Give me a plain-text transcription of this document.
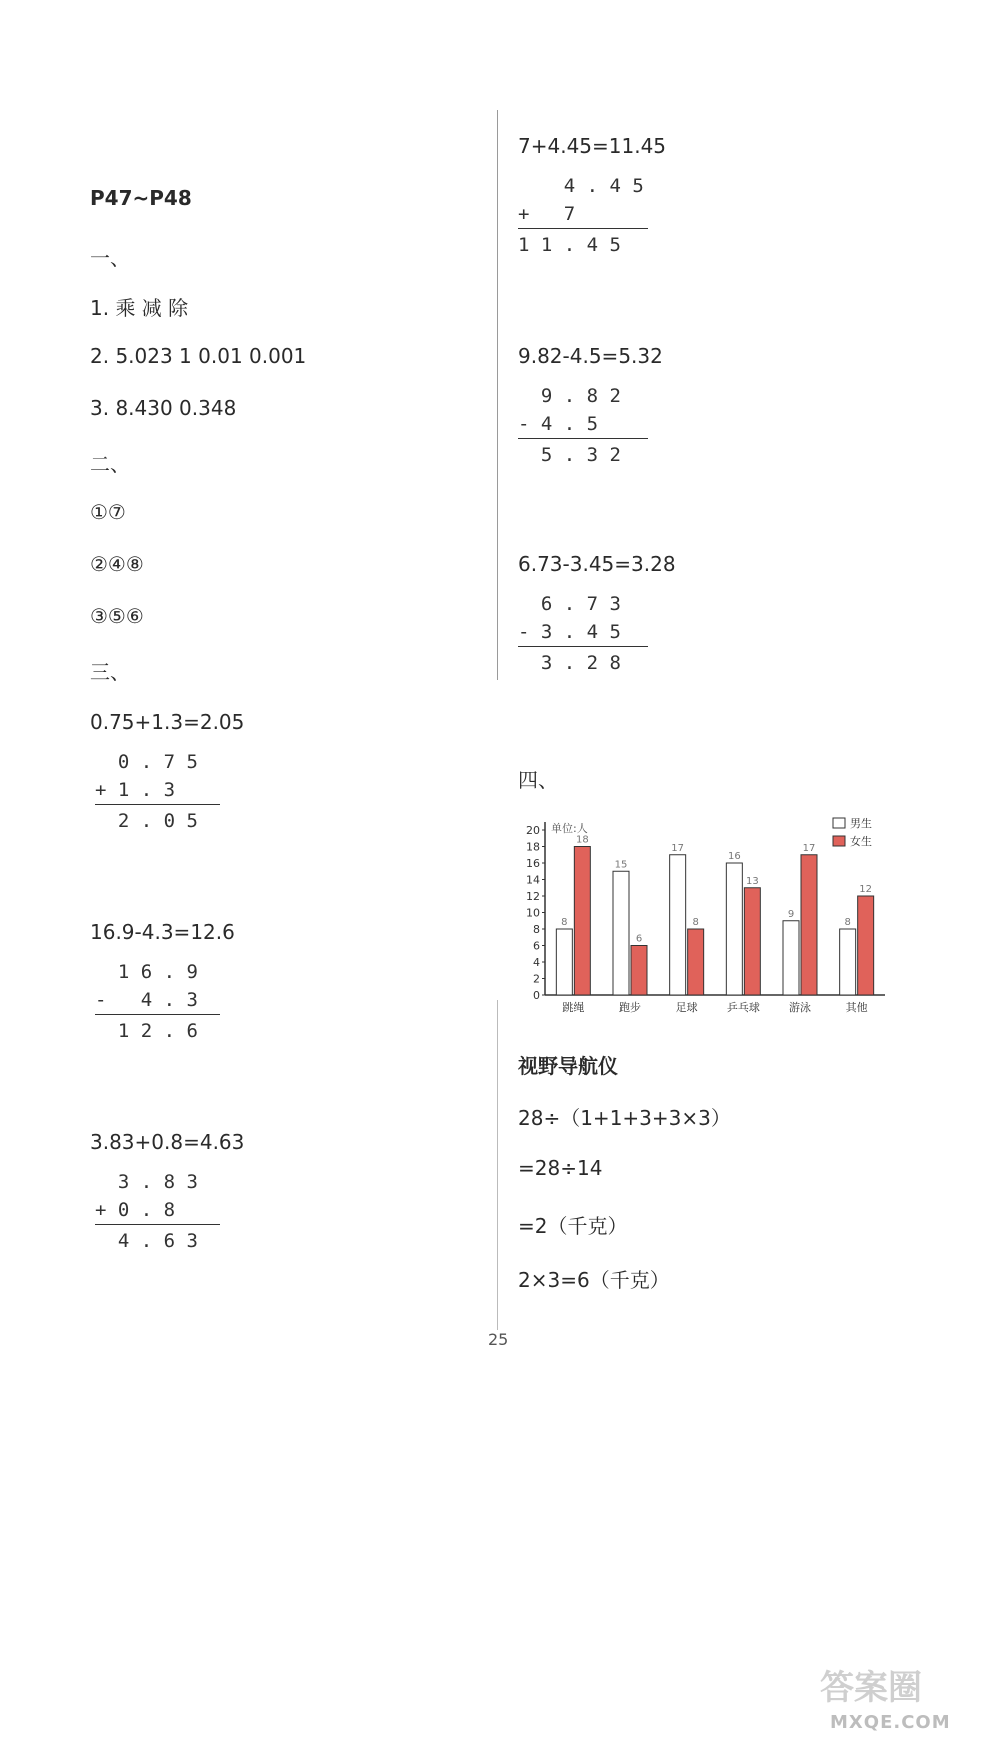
P47~P48
一、
1. 乘 减 除
2. 5.023 1 0.01 0.001
3. 8.430 0.348
二、
①⑦
②④⑧
③⑤⑥
三、
0.75+1.3=2.05
0 . 7 5
+ 1 . 3
2 . 0 5
16.9-4.3=12.6
1 6 . 9
-   4 . 3
1 2 . 6
3.83+0.8=4.63
3 . 8 3
+ 0 . 8
4 . 6 3
7+4.45=11.45
4 . 4 5
+   7
1 1 . 4 5
9.82-4.5=5.32
9 . 8 2
- 4 . 5
5 . 3 2
6.73-3.45=3.28
6 . 7 3
- 3 . 4 5
3 . 2 8
四、
0
2
4
6
8
10
12
14
16
18
20 单位:人
8
18
跳绳
15
6
跑步
17
8
足球
16
13
乒乓球
9
17
游泳
8
12
其他
男生
女生
视野导航仪
28÷（1+1+3+3×3）
=28÷14
=2（千克）
2×3=6（千克）
25
答案圈
MXQE.COM
